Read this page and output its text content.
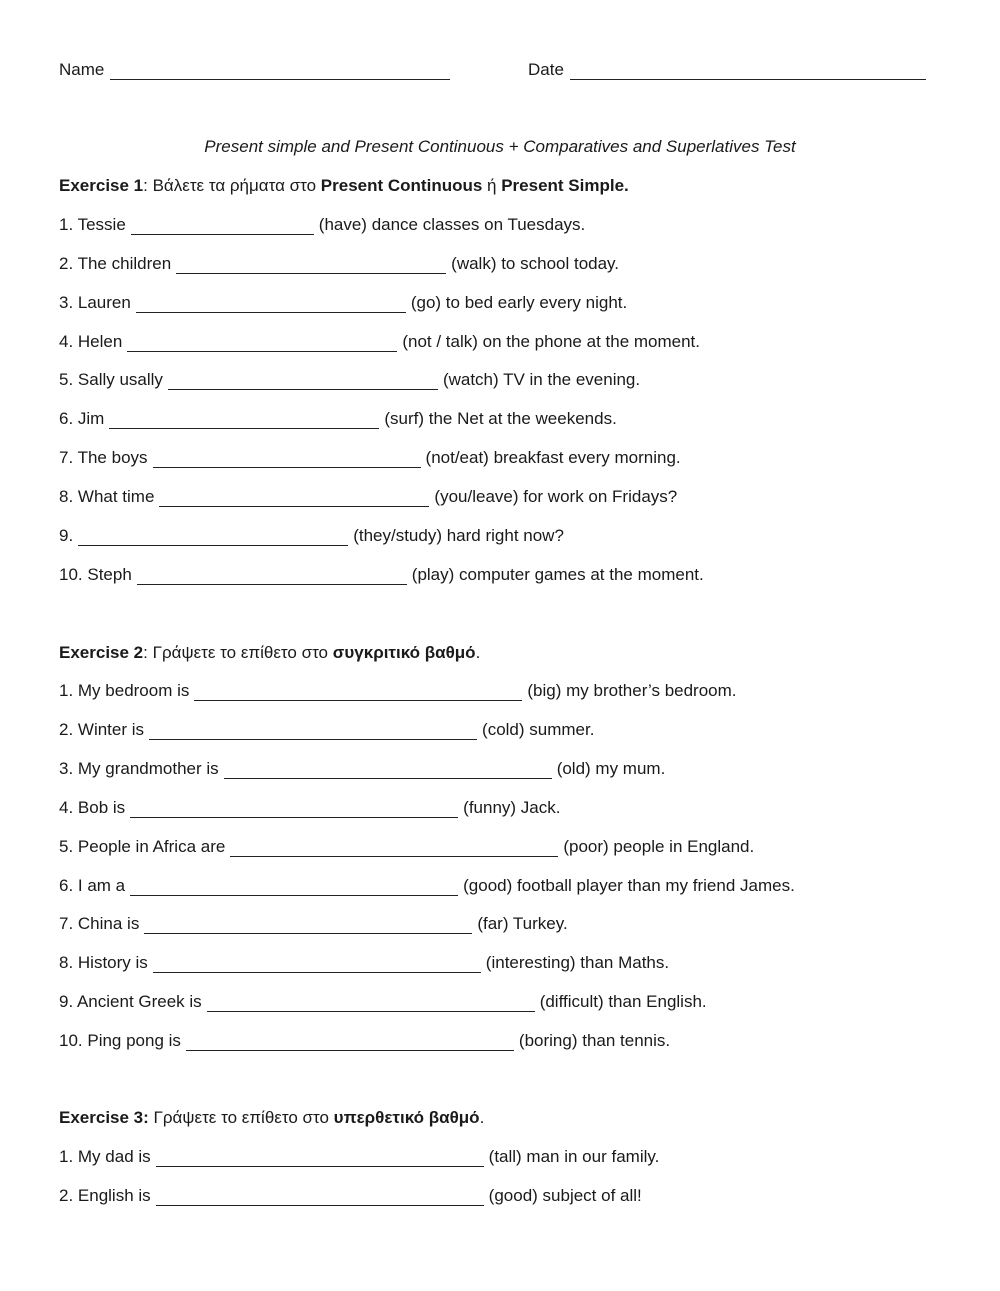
Name	Date
Present simple and Present Continuous + Comparatives and Superlatives Test
Exercise 1: Βάλετε τα ρήματα στο Present Continuous ή Present Simple.
1. Tessie	(have) dance classes on Tuesdays.
2. The children	(walk) to school today.
3. Lauren	(go) to bed early every night.
4. Helen	(not / talk) on the phone at the moment.
5. Sally usally	(watch) TV in the evening.
6. Jim	(surf) the Net at the weekends.
7. The boys	(not/eat) breakfast every morning.
8. What time	(you/leave) for work on Fridays?
9.	(they/study) hard right now?
10. Steph	(play) computer games at the moment.
Exercise 2: Γράψετε το επίθετο στο συγκριτικό βαθμό.
1. My bedroom is	(big) my brother’s bedroom.
2. Winter is	(cold) summer.
3. My grandmother is	(old) my mum.
4. Bob is	(funny) Jack.
5. People in Africa are	(poor) people in England.
6. I am a	(good) football player than my friend James.
7. China is	(far) Turkey.
8. History is	(interesting) than Maths.
9. Ancient Greek is	(difficult) than English.
10. Ping pong is	(boring) than tennis.
Exercise 3: Γράψετε το επίθετο στο υπερθετικό βαθμό.
1. My dad is	(tall) man in our family.
2. English is	(good) subject of all!
